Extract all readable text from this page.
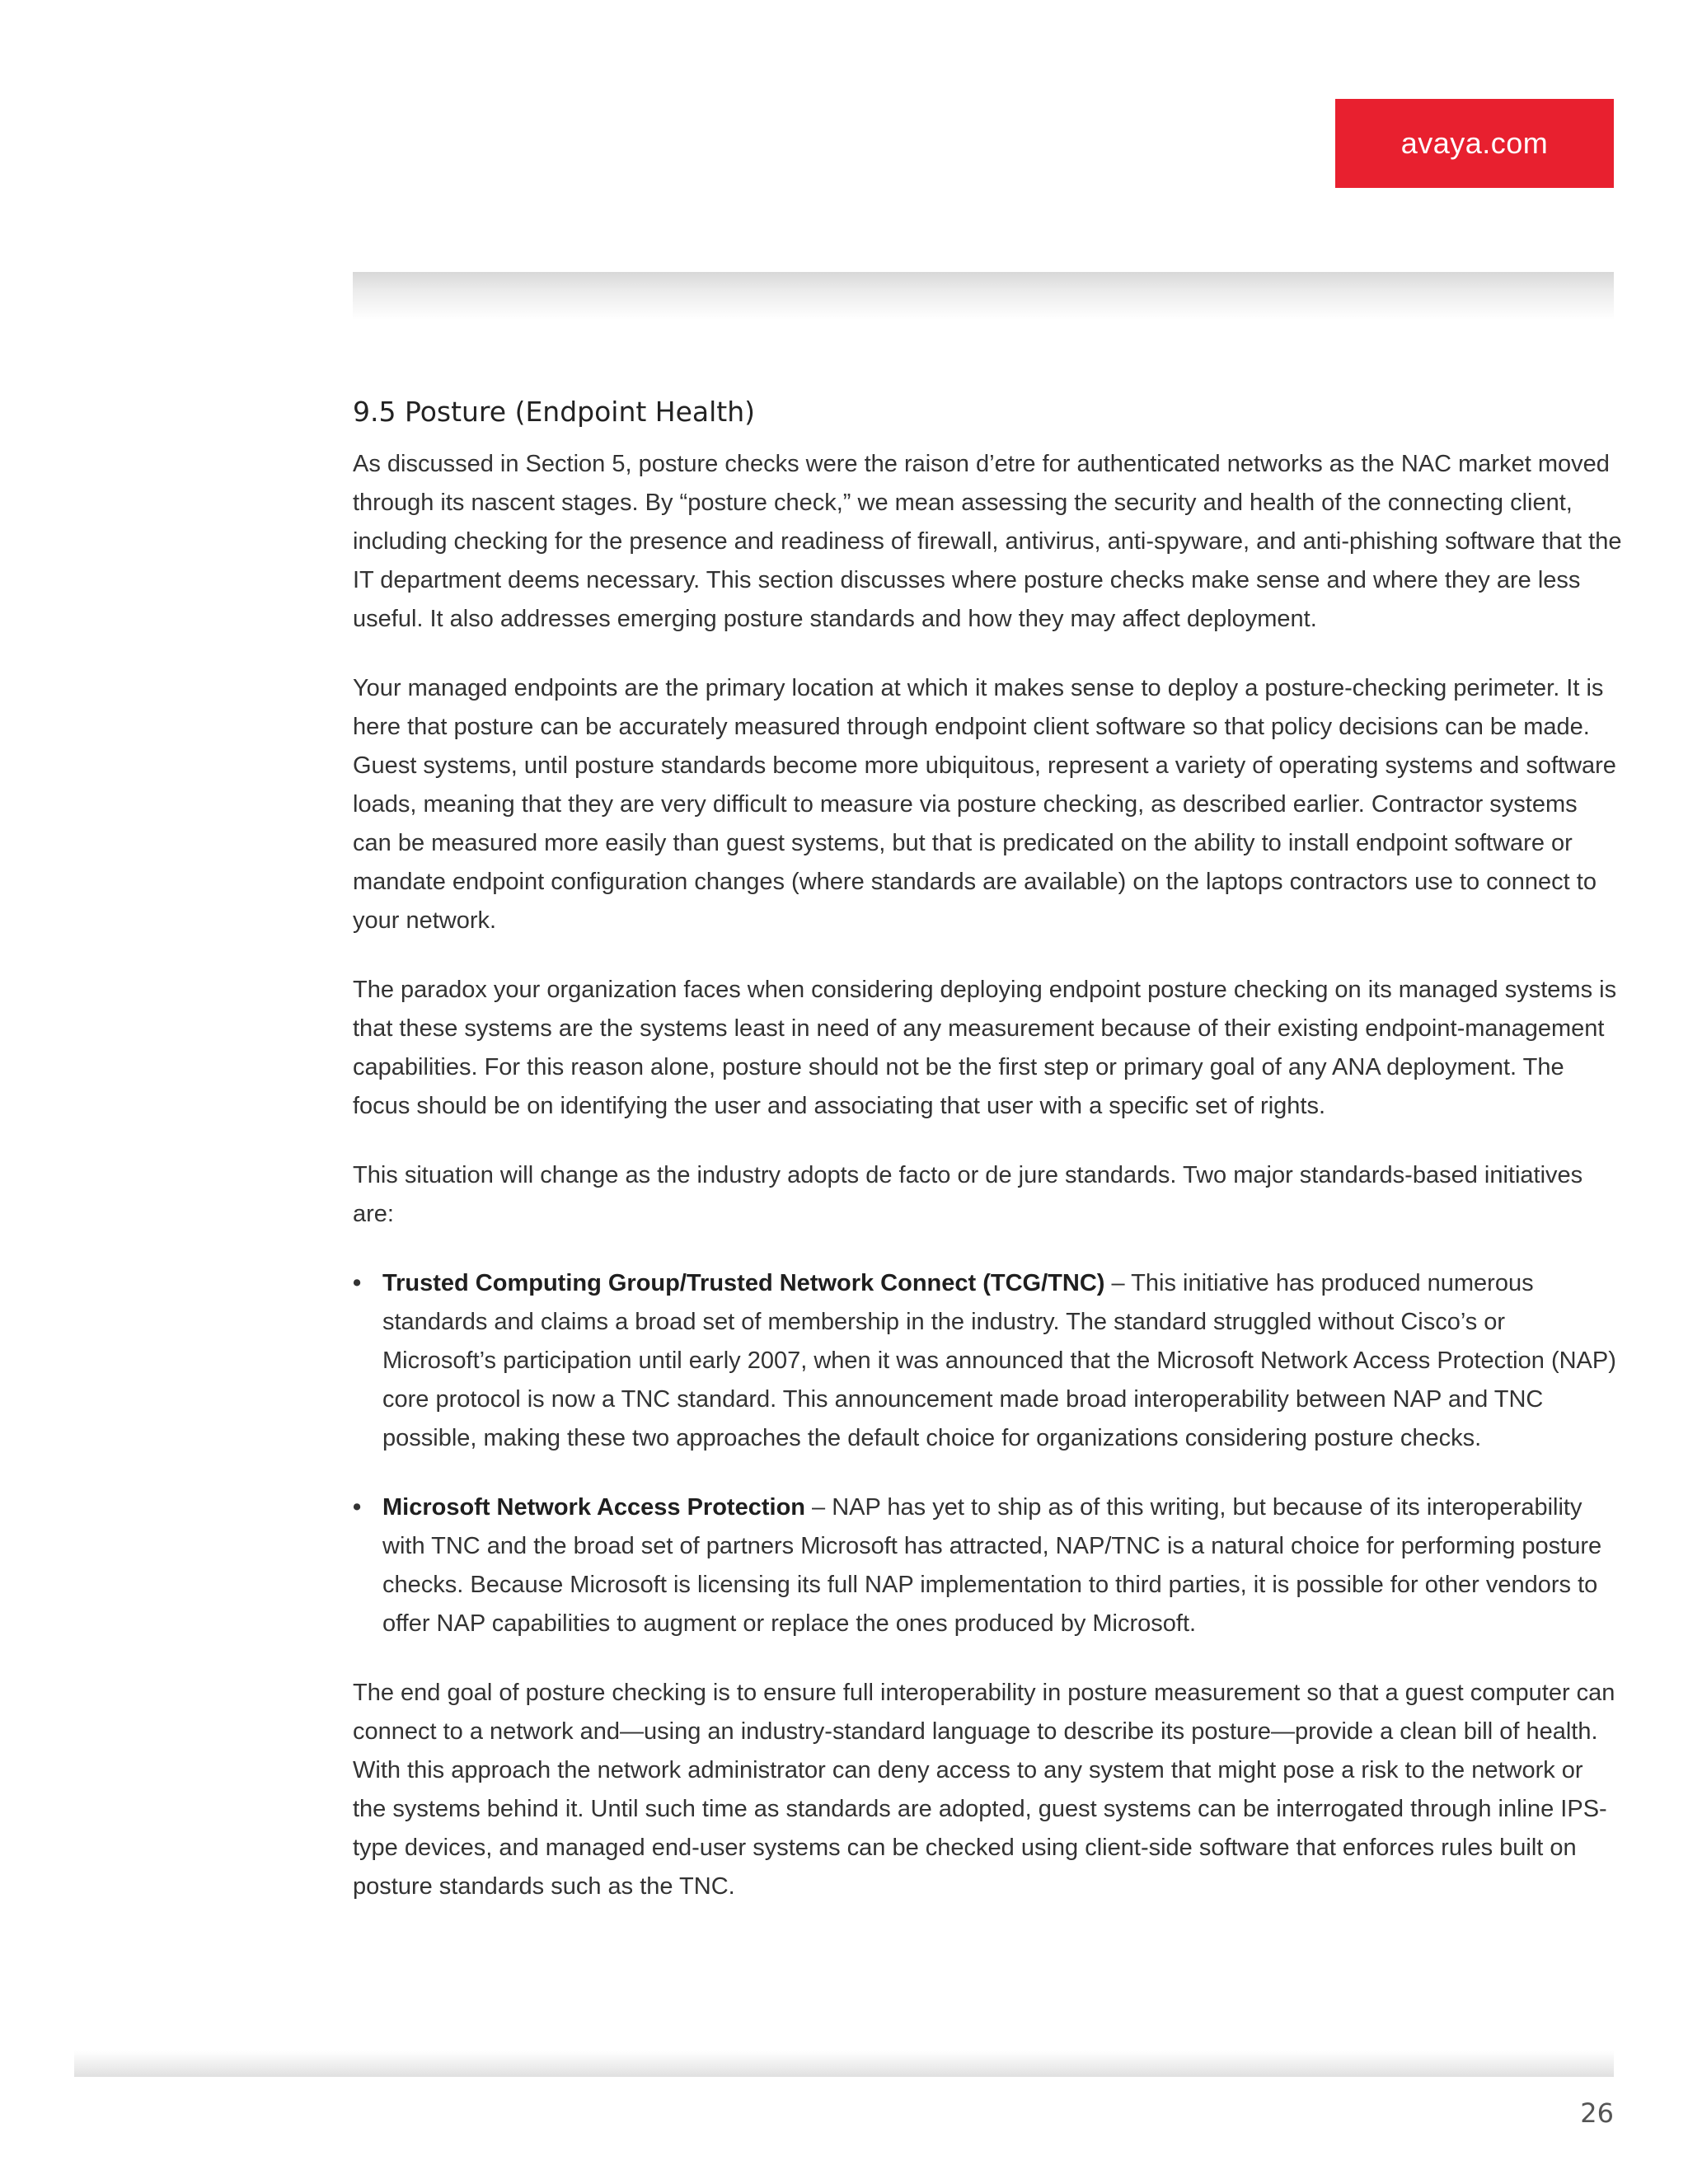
avaya.com
9.5 Posture (Endpoint Health)

As discussed in Section 5, posture checks were the raison d’etre for authenticated networks as the NAC market moved through its nascent stages. By “posture check,” we mean assessing the security and health of the connecting client, including checking for the presence and readiness of firewall, antivirus, anti-spyware, and anti-phishing software that the IT department deems necessary. This section discusses where posture checks make sense and where they are less useful. It also addresses emerging posture standards and how they may affect deployment.

Your managed endpoints are the primary location at which it makes sense to deploy a posture-checking perimeter. It is here that posture can be accurately measured through endpoint client software so that policy decisions can be made. Guest systems, until posture standards become more ubiquitous, represent a variety of operating systems and software loads, meaning that they are very difficult to measure via posture checking, as described earlier. Contractor systems can be measured more easily than guest systems, but that is predicated on the ability to install endpoint software or mandate endpoint configuration changes (where standards are available) on the laptops contractors use to connect to your network.

The paradox your organization faces when considering deploying endpoint posture checking on its managed systems is that these systems are the systems least in need of any measurement because of their existing endpoint-management capabilities. For this reason alone, posture should not be the first step or primary goal of any ANA deployment. The focus should be on identifying the user and associating that user with a specific set of rights.

This situation will change as the industry adopts de facto or de jure standards. Two major standards-based initiatives are:

• Trusted Computing Group/Trusted Network Connect (TCG/TNC) – This initiative has produced numerous standards and claims a broad set of membership in the industry. The standard struggled without Cisco’s or Microsoft’s participation until early 2007, when it was announced that the Microsoft Network Access Protection (NAP) core protocol is now a TNC standard. This announcement made broad interoperability between NAP and TNC possible, making these two approaches the default choice for organizations considering posture checks.
• Microsoft Network Access Protection – NAP has yet to ship as of this writing, but because of its interoperability with TNC and the broad set of partners Microsoft has attracted, NAP/TNC is a natural choice for performing posture checks. Because Microsoft is licensing its full NAP implementation to third parties, it is possible for other vendors to offer NAP capabilities to augment or replace the ones produced by Microsoft.

The end goal of posture checking is to ensure full interoperability in posture measurement so that a guest computer can connect to a network and—using an industry-standard language to describe its posture—provide a clean bill of health. With this approach the network administrator can deny access to any system that might pose a risk to the network or the systems behind it. Until such time as standards are adopted, guest systems can be interrogated through inline IPS-type devices, and managed end-user systems can be checked using client-side software that enforces rules built on posture standards such as the TNC.

26
